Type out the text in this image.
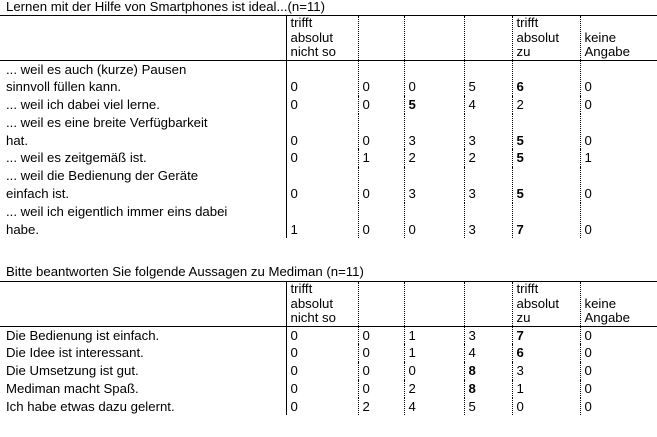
Lernen mit der Hilfe von Smartphones ist ideal...(n=11)
	trifft
absolut
nicht so				trifft
absolut
zu	keine
Angabe
... weil es auch (kurze) Pausen
sinnvoll füllen kann.	0	0	0	5	6	0
... weil ich dabei viel lerne.	0	0	5	4	2	0
... weil es eine breite Verfügbarkeit
hat.	0	0	3	3	5	0
... weil es zeitgemäß ist.	0	1	2	2	5	1
... weil die Bedienung der Geräte
einfach ist.	0	0	3	3	5	0
... weil ich eigentlich immer eins dabei
habe.	1	0	0	3	7	0
Bitte beantworten Sie folgende Aussagen zu Mediman (n=11)
	trifft
absolut
nicht so				trifft
absolut
zu	keine
Angabe
Die Bedienung ist einfach.	0	0	1	3	7	0
Die Idee ist interessant.	0	0	1	4	6	0
Die Umsetzung ist gut.	0	0	0	8	3	0
Mediman macht Spaß.	0	0	2	8	1	0
Ich habe etwas dazu gelernt.	0	2	4	5	0	0
